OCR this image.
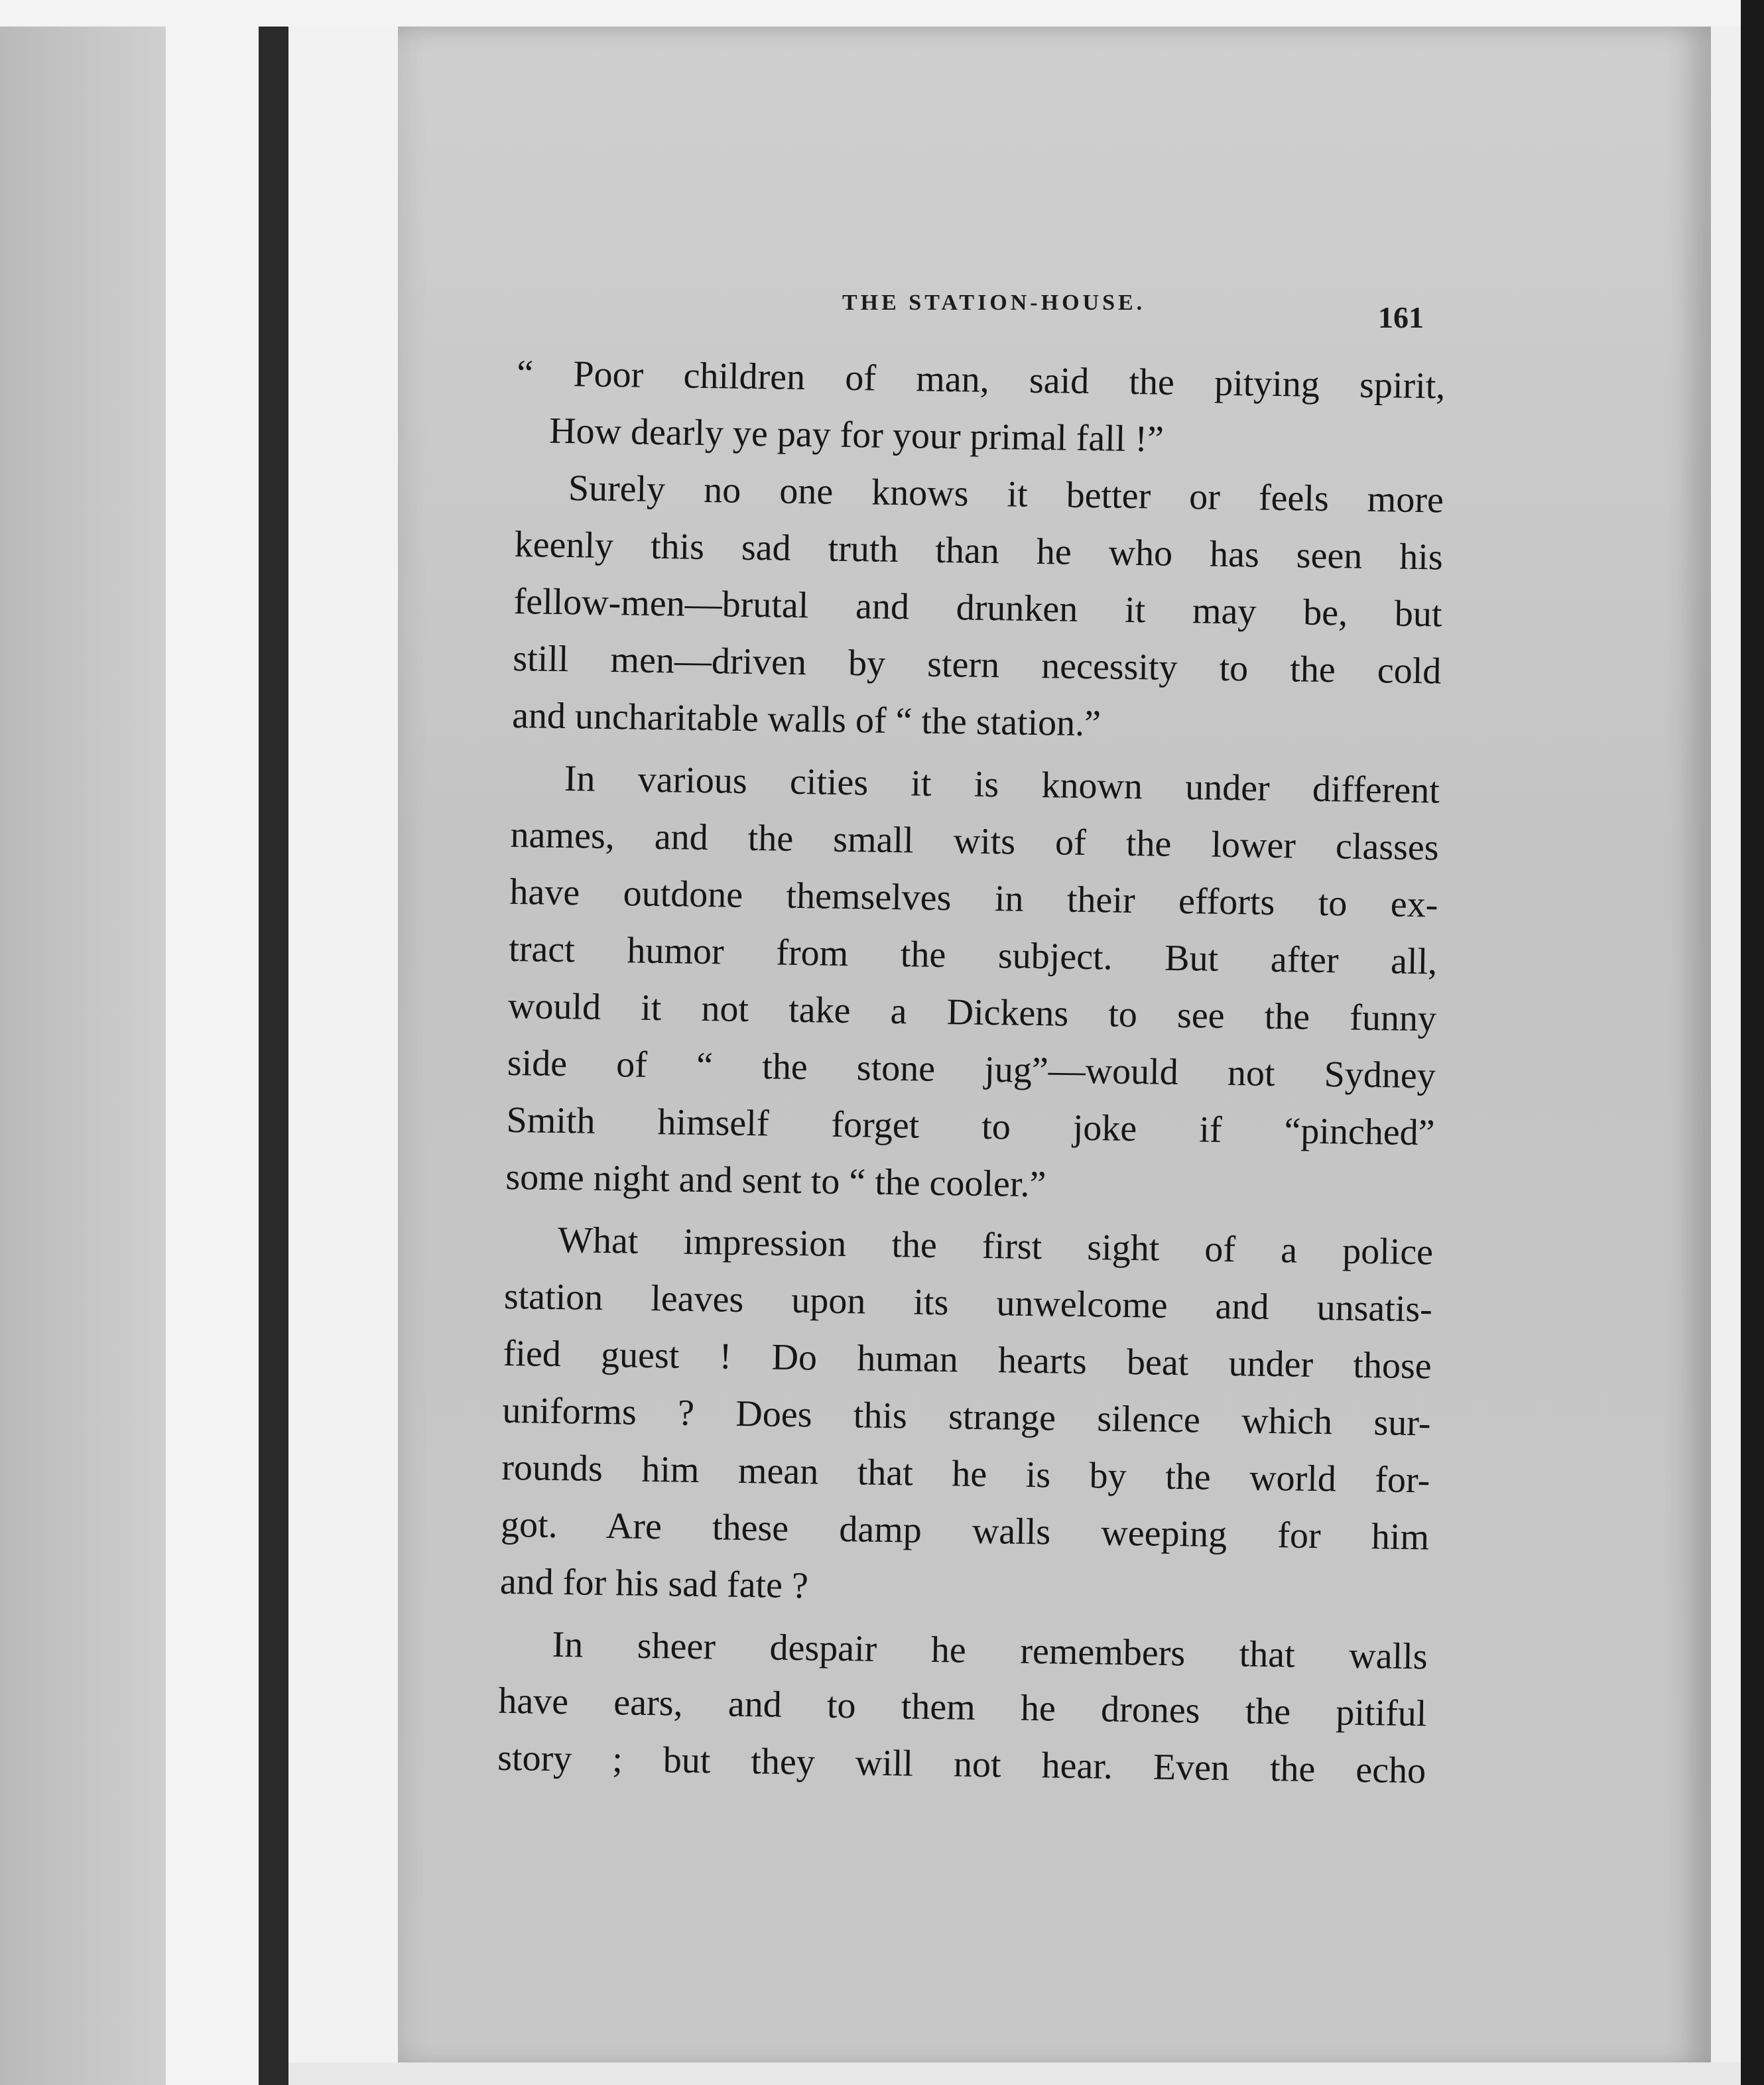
THE STATION-HOUSE.	161
“ Poor children of man, said the pitying spirit,
How dearly ye pay for your primal fall !”
Surely no one knows it better or feels more
keenly this sad truth than he who has seen his
fellow-men—brutal and drunken it may be, but
still men—driven by stern necessity to the cold
and uncharitable walls of “ the station.”
In various cities it is known under different
names, and the small wits of the lower classes
have outdone themselves in their efforts to ex-
tract humor from the subject. But after all,
would it not take a Dickens to see the funny
side of “ the stone jug”—would not Sydney
Smith himself forget to joke if “pinched”
some night and sent to “ the cooler.”
What impression the first sight of a police
station leaves upon its unwelcome and unsatis-
fied guest ! Do human hearts beat under those
uniforms ? Does this strange silence which sur-
rounds him mean that he is by the world for-
got. Are these damp walls weeping for him
and for his sad fate ?
In sheer despair he remembers that walls
have ears, and to them he drones the pitiful
story ; but they will not hear. Even the echo
